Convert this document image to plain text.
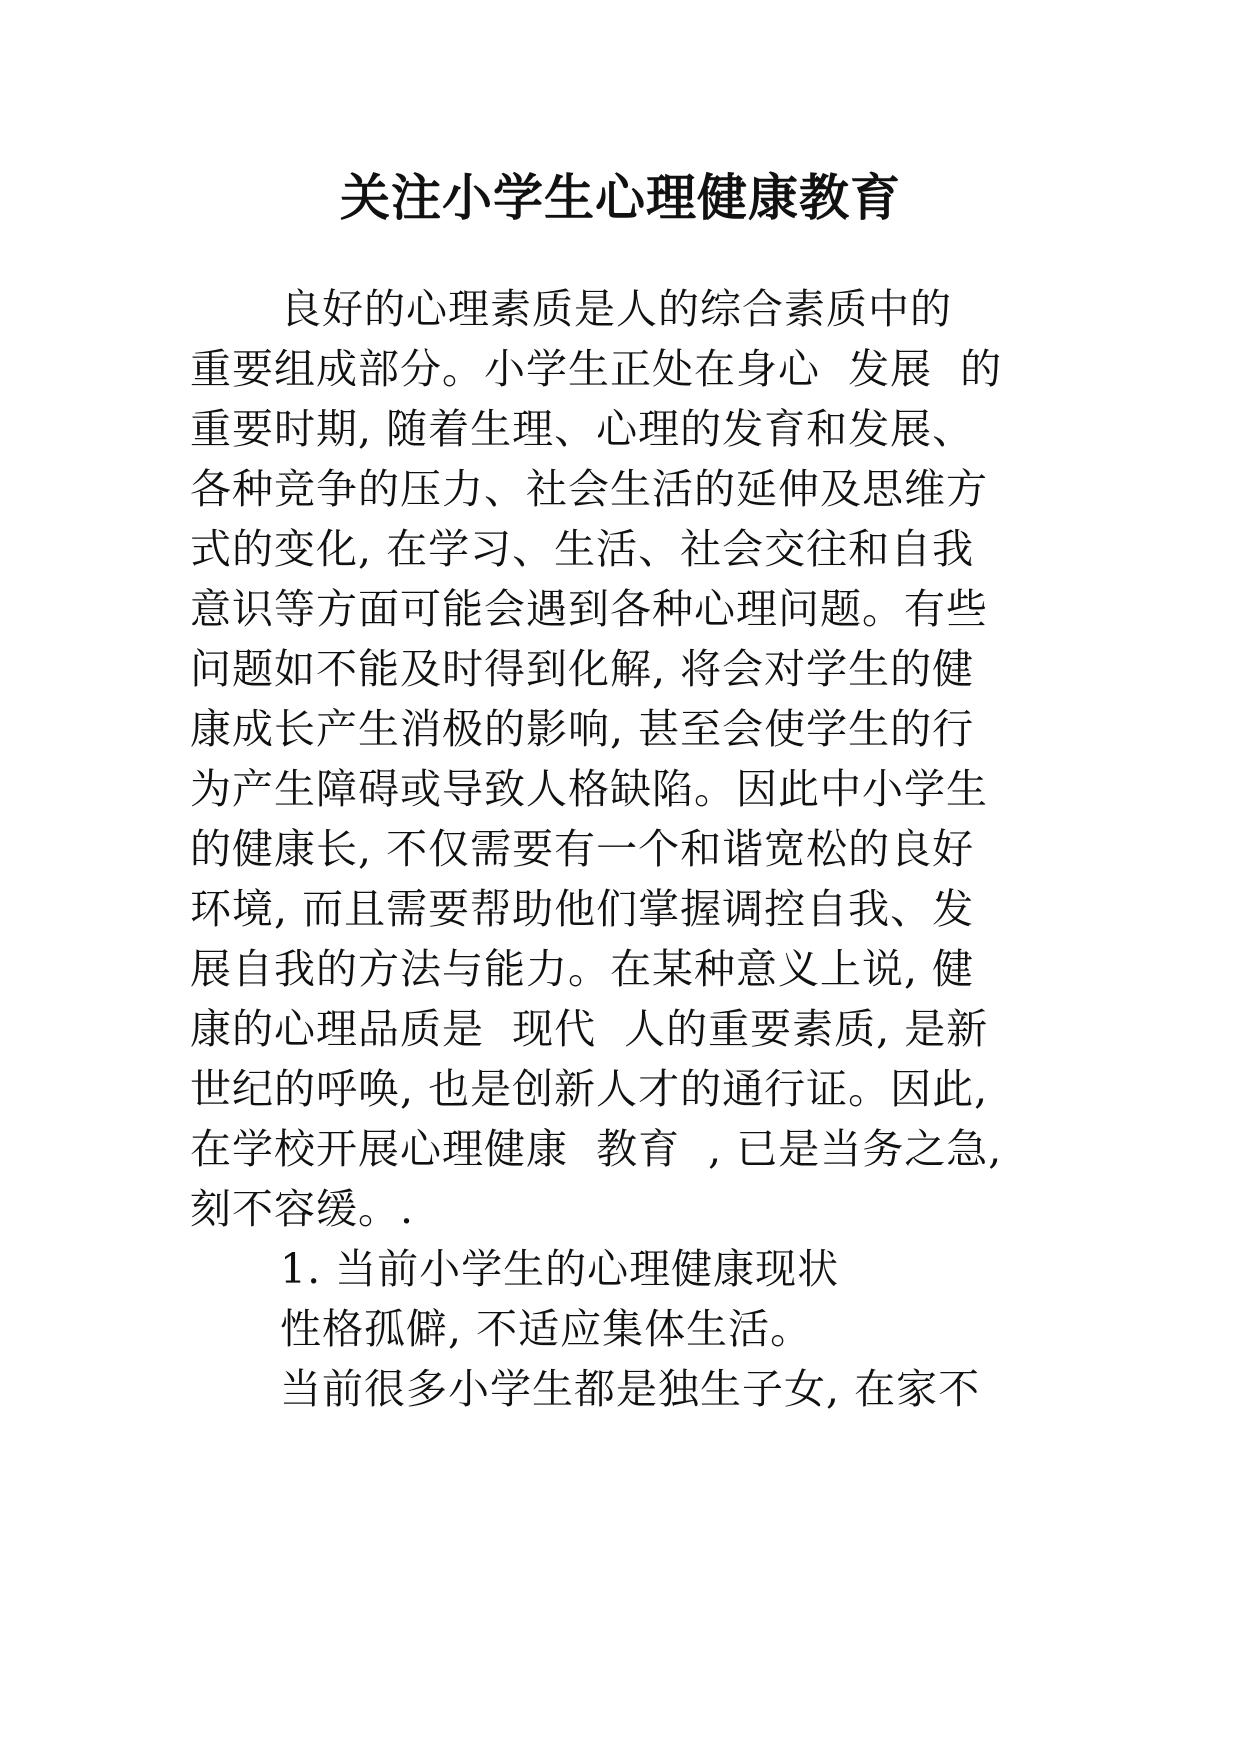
关注小学生心理健康教育
良好的心理素质是人的综合素质中的
重要组成部分。小学生正处在身心  发展  的
重要时期, 随着生理、心理的发育和发展、
各种竞争的压力、社会生活的延伸及思维方
式的变化, 在学习、生活、社会交往和自我
意识等方面可能会遇到各种心理问题。有些
问题如不能及时得到化解, 将会对学生的健
康成长产生消极的影响, 甚至会使学生的行
为产生障碍或导致人格缺陷。因此中小学生
的健康长, 不仅需要有一个和谐宽松的良好
环境, 而且需要帮助他们掌握调控自我、发
展自我的方法与能力。在某种意义上说, 健
康的心理品质是  现代  人的重要素质, 是新
世纪的呼唤, 也是创新人才的通行证。因此,
在学校开展心理健康  教育  , 已是当务之急,
刻不容缓。.
1. 当前小学生的心理健康现状
性格孤僻, 不适应集体生活。
当前很多小学生都是独生子女, 在家不
